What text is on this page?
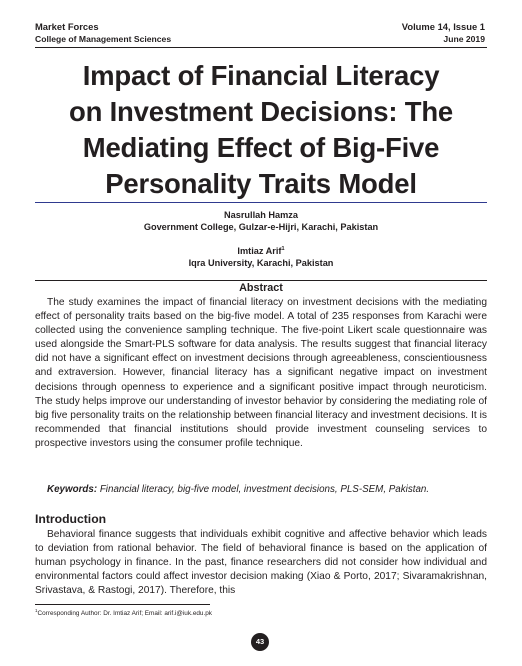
Market Forces
College of Management Sciences
Volume 14, Issue 1
June 2019
Impact of Financial Literacy
on Investment Decisions: The
Mediating Effect of Big-Five
Personality Traits Model
Nasrullah Hamza
Government College, Gulzar-e-Hijri, Karachi, Pakistan
Imtiaz Arif$^1$
Iqra University, Karachi, Pakistan
Abstract
The study examines the impact of financial literacy on investment decisions with the mediating effect of personality traits based on the big-five model. A total of 235 responses from Karachi were collected using the convenience sampling technique. The five-point Likert scale questionnaire was used alongside the Smart-PLS software for data analysis. The results suggest that financial literacy did not have a significant effect on investment decisions through agreeableness, conscientiousness and extraversion. However, financial literacy has a significant negative impact on investment decisions through openness to experience and a significant positive impact through neuroticism. The study helps improve our understanding of investor behavior by considering the mediating role of big five personality traits on the relationship between financial literacy and investment decisions. It is recommended that financial institutions should provide investment counseling services to prospective investors using the consumer profile technique.
Keywords: Financial literacy, big-five model, investment decisions, PLS-SEM, Pakistan.
Introduction
Behavioral finance suggests that individuals exhibit cognitive and affective behavior which leads to deviation from rational behavior. The field of behavioral finance is based on the application of human psychology in finance. In the past, finance researchers did not consider how individual and environmental factors could affect investor decision making (Xiao & Porto, 2017; Sivaramakrishnan, Srivastava, & Rastogi, 2017). Therefore, this
$^1$Corresponding Author: Dr. Imtiaz Arif; Email: arif.i@iuk.edu.pk
43
